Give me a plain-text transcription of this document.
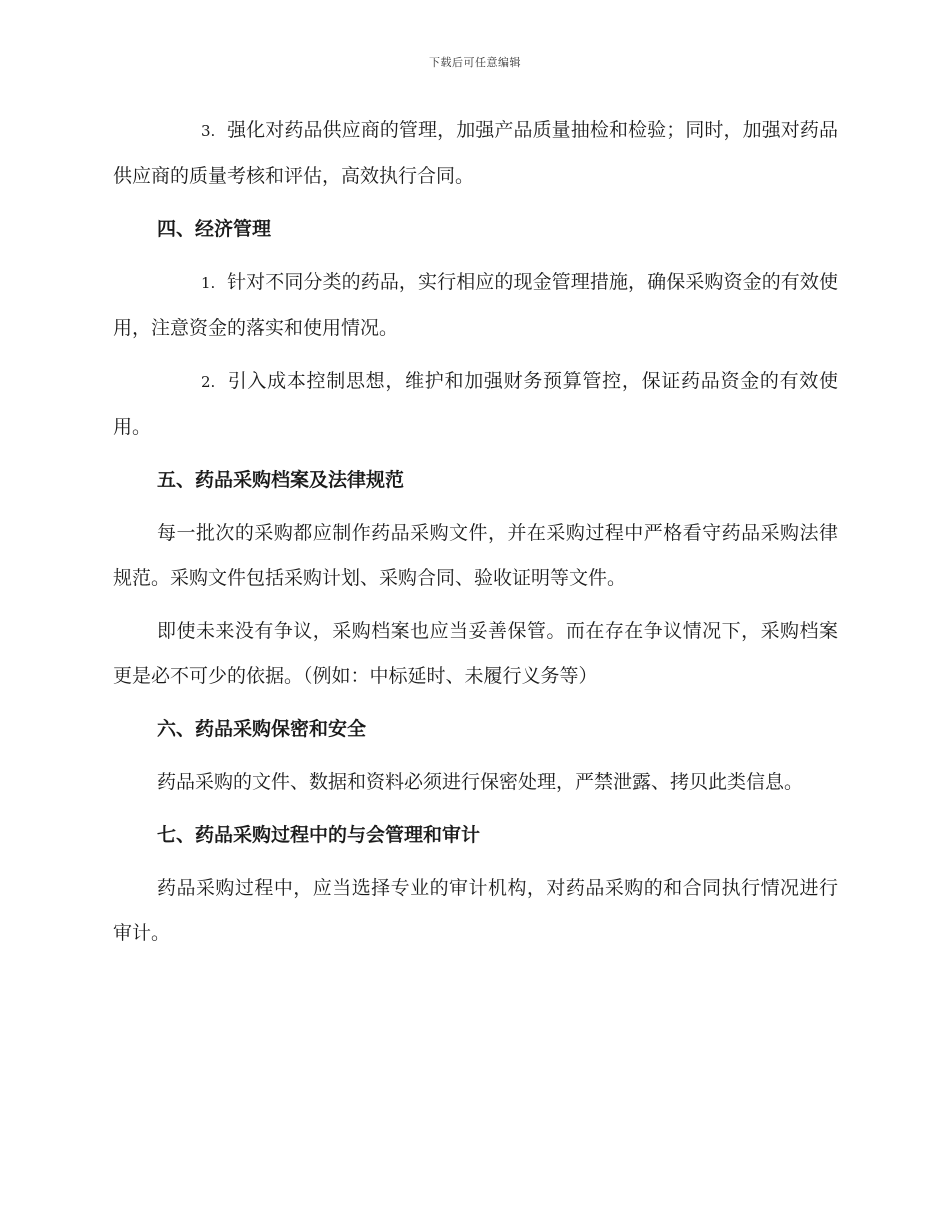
下载后可任意编辑

3. 强化对药品供应商的管理，加强产品质量抽检和检验；同时，加强对药品供应商的质量考核和评估，高效执行合同。

四、经济管理

1. 针对不同分类的药品，实行相应的现金管理措施，确保采购资金的有效使用，注意资金的落实和使用情况。

2. 引入成本控制思想，维护和加强财务预算管控，保证药品资金的有效使用。

五、药品采购档案及法律规范

每一批次的采购都应制作药品采购文件，并在采购过程中严格看守药品采购法律规范。采购文件包括采购计划、采购合同、验收证明等文件。

即使未来没有争议，采购档案也应当妥善保管。而在存在争议情况下，采购档案更是必不可少的依据。（例如：中标延时、未履行义务等）

六、药品采购保密和安全

药品采购的文件、数据和资料必须进行保密处理，严禁泄露、拷贝此类信息。

七、药品采购过程中的与会管理和审计

药品采购过程中，应当选择专业的审计机构，对药品采购的和合同执行情况进行审计。
